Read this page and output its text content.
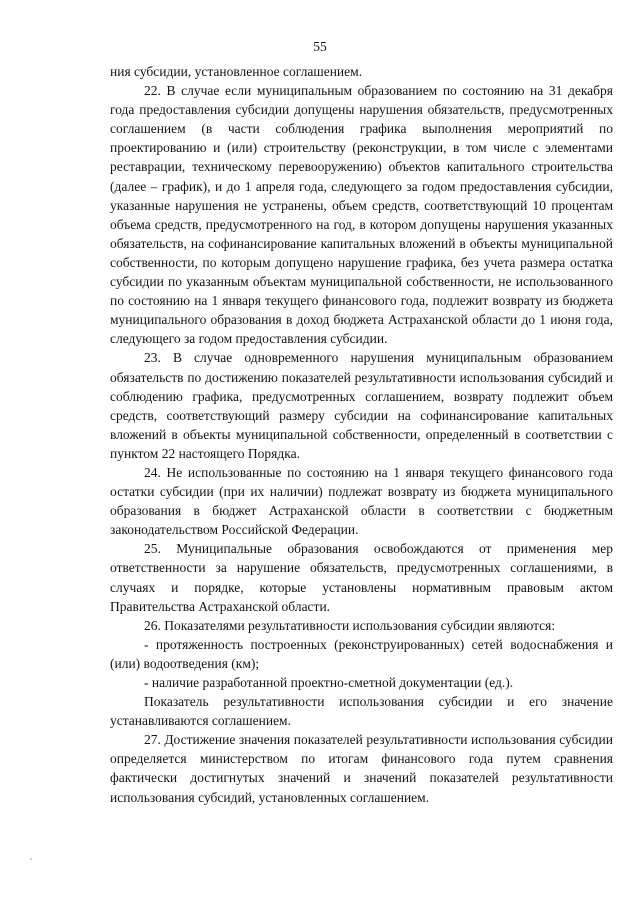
55

ния субсидии, установленное соглашением.

22. В случае если муниципальным образованием по состоянию на 31 декабря года предоставления субсидии допущены нарушения обязательств, предусмотренных соглашением (в части соблюдения графика выполнения мероприятий по проектированию и (или) строительству (реконструкции, в том числе с элементами реставрации, техническому перевооружению) объектов капитального строительства (далее – график), и до 1 апреля года, следующего за годом предоставления субсидии, указанные нарушения не устранены, объем средств, соответствующий 10 процентам объема средств, предусмотренного на год, в котором допущены нарушения указанных обязательств, на софинансирование капитальных вложений в объекты муниципальной собственности, по которым допущено нарушение графика, без учета размера остатка субсидии по указанным объектам муниципальной собственности, не использованного по состоянию на 1 января текущего финансового года, подлежит возврату из бюджета муниципального образования в доход бюджета Астраханской области до 1 июня года, следующего за годом предоставления субсидии.

23. В случае одновременного нарушения муниципальным образованием обязательств по достижению показателей результативности использования субсидий и соблюдению графика, предусмотренных соглашением, возврату подлежит объем средств, соответствующий размеру субсидии на софинансирование капитальных вложений в объекты муниципальной собственности, определенный в соответствии с пунктом 22 настоящего Порядка.

24. Не использованные по состоянию на 1 января текущего финансового года остатки субсидии (при их наличии) подлежат возврату из бюджета муниципального образования в бюджет Астраханской области в соответствии с бюджетным законодательством Российской Федерации.

25. Муниципальные образования освобождаются от применения мер ответственности за нарушение обязательств, предусмотренных соглашениями, в случаях и порядке, которые установлены нормативным правовым актом Правительства Астраханской области.

26. Показателями результативности использования субсидии являются:

- протяженность построенных (реконструированных) сетей водоснабжения и (или) водоотведения (км);

- наличие разработанной проектно-сметной документации (ед.).

Показатель результативности использования субсидии и его значение устанавливаются соглашением.

27. Достижение значения показателей результативности использования субсидии определяется министерством по итогам финансового года путем сравнения фактически достигнутых значений и значений показателей результативности использования субсидий, установленных соглашением.
